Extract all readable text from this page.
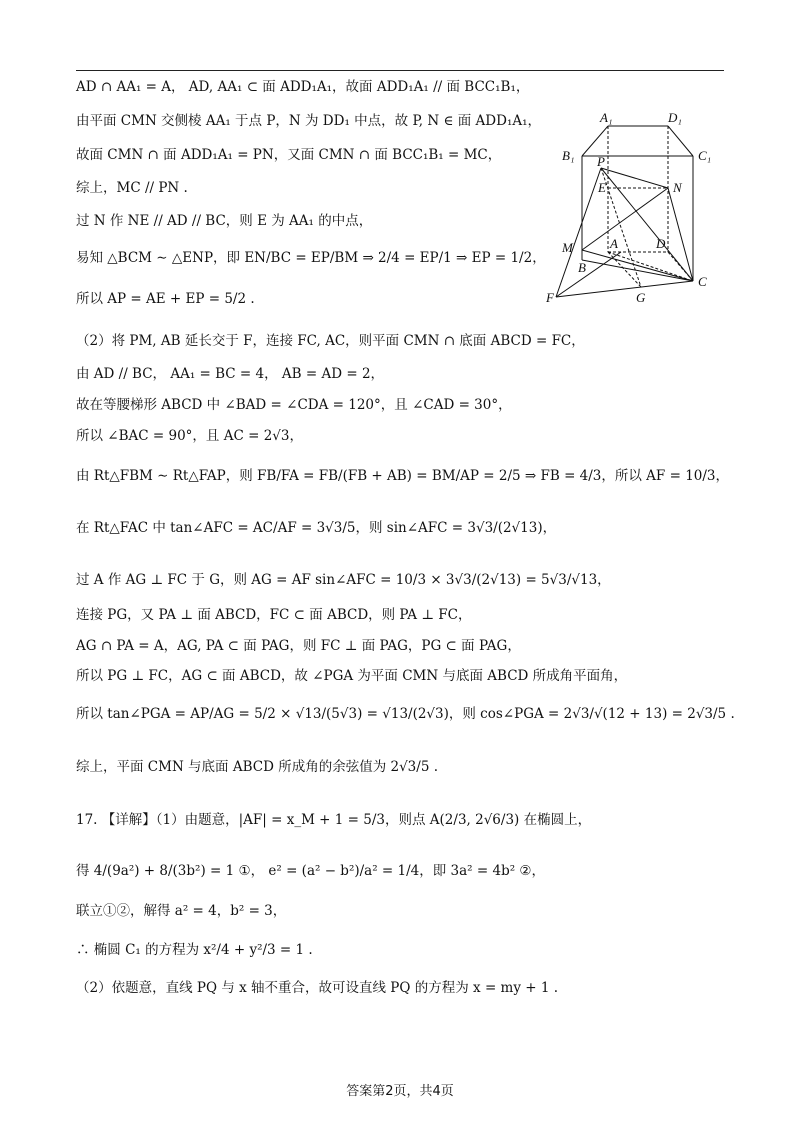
AD ∩ AA₁ = A， AD, AA₁ ⊂ 面 ADD₁A₁，故面 ADD₁A₁ // 面 BCC₁B₁，
由平面 CMN 交侧棱 AA₁ 于点 P，N 为 DD₁ 中点，故 P, N ∈ 面 ADD₁A₁，
故面 CMN ∩ 面 ADD₁A₁ = PN，又面 CMN ∩ 面 BCC₁B₁ = MC，
综上，MC // PN .
过 N 作 NE // AD // BC，则 E 为 AA₁ 的中点，
易知 △BCM ∼ △ENP，即 EN/BC = EP/BM ⇒ 2/4 = EP/1 ⇒ EP = 1/2，
所以 AP = AE + EP = 5/2 .
（2）将 PM, AB 延长交于 F，连接 FC, AC，则平面 CMN ∩ 底面 ABCD = FC，
由 AD // BC， AA₁ = BC = 4， AB = AD = 2，
故在等腰梯形 ABCD 中 ∠BAD = ∠CDA = 120°，且 ∠CAD = 30°，
所以 ∠BAC = 90°，且 AC = 2√3，
由 Rt△FBM ∼ Rt△FAP，则 FB/FA = FB/(FB + AB) = BM/AP = 2/5 ⇒ FB = 4/3，所以 AF = 10/3，
在 Rt△FAC 中 tan∠AFC = AC/AF = 3√3/5，则 sin∠AFC = 3√3/(2√13)，
过 A 作 AG ⊥ FC 于 G，则 AG = AF sin∠AFC = 10/3 × 3√3/(2√13) = 5√3/√13，
连接 PG，又 PA ⊥ 面 ABCD，FC ⊂ 面 ABCD，则 PA ⊥ FC，
AG ∩ PA = A，AG, PA ⊂ 面 PAG，则 FC ⊥ 面 PAG，PG ⊂ 面 PAG，
所以 PG ⊥ FC，AG ⊂ 面 ABCD，故 ∠PGA 为平面 CMN 与底面 ABCD 所成角平面角，
所以 tan∠PGA = AP/AG = 5/2 × √13/(5√3) = √13/(2√3)，则 cos∠PGA = 2√3/√(12 + 13) = 2√3/5 .
综上，平面 CMN 与底面 ABCD 所成角的余弦值为 2√3/5 .
17. 【详解】（1）由题意，|AF| = x_M + 1 = 5/3，则点 A(2/3, 2√6/3) 在椭圆上，
得 4/(9a²) + 8/(3b²) = 1 ①， e² = (a² − b²)/a² = 1/4，即 3a² = 4b² ②，
联立①②，解得 a² = 4，b² = 3，
∴ 椭圆 C₁ 的方程为 x²/4 + y²/3 = 1 .
（2）依题意，直线 PQ 与 x 轴不重合，故可设直线 PQ 的方程为 x = my + 1 .
A₁	D₁
B₁	C₁
P
E	N
M	A	D
B
C
F	G
答案第2页，共4页
